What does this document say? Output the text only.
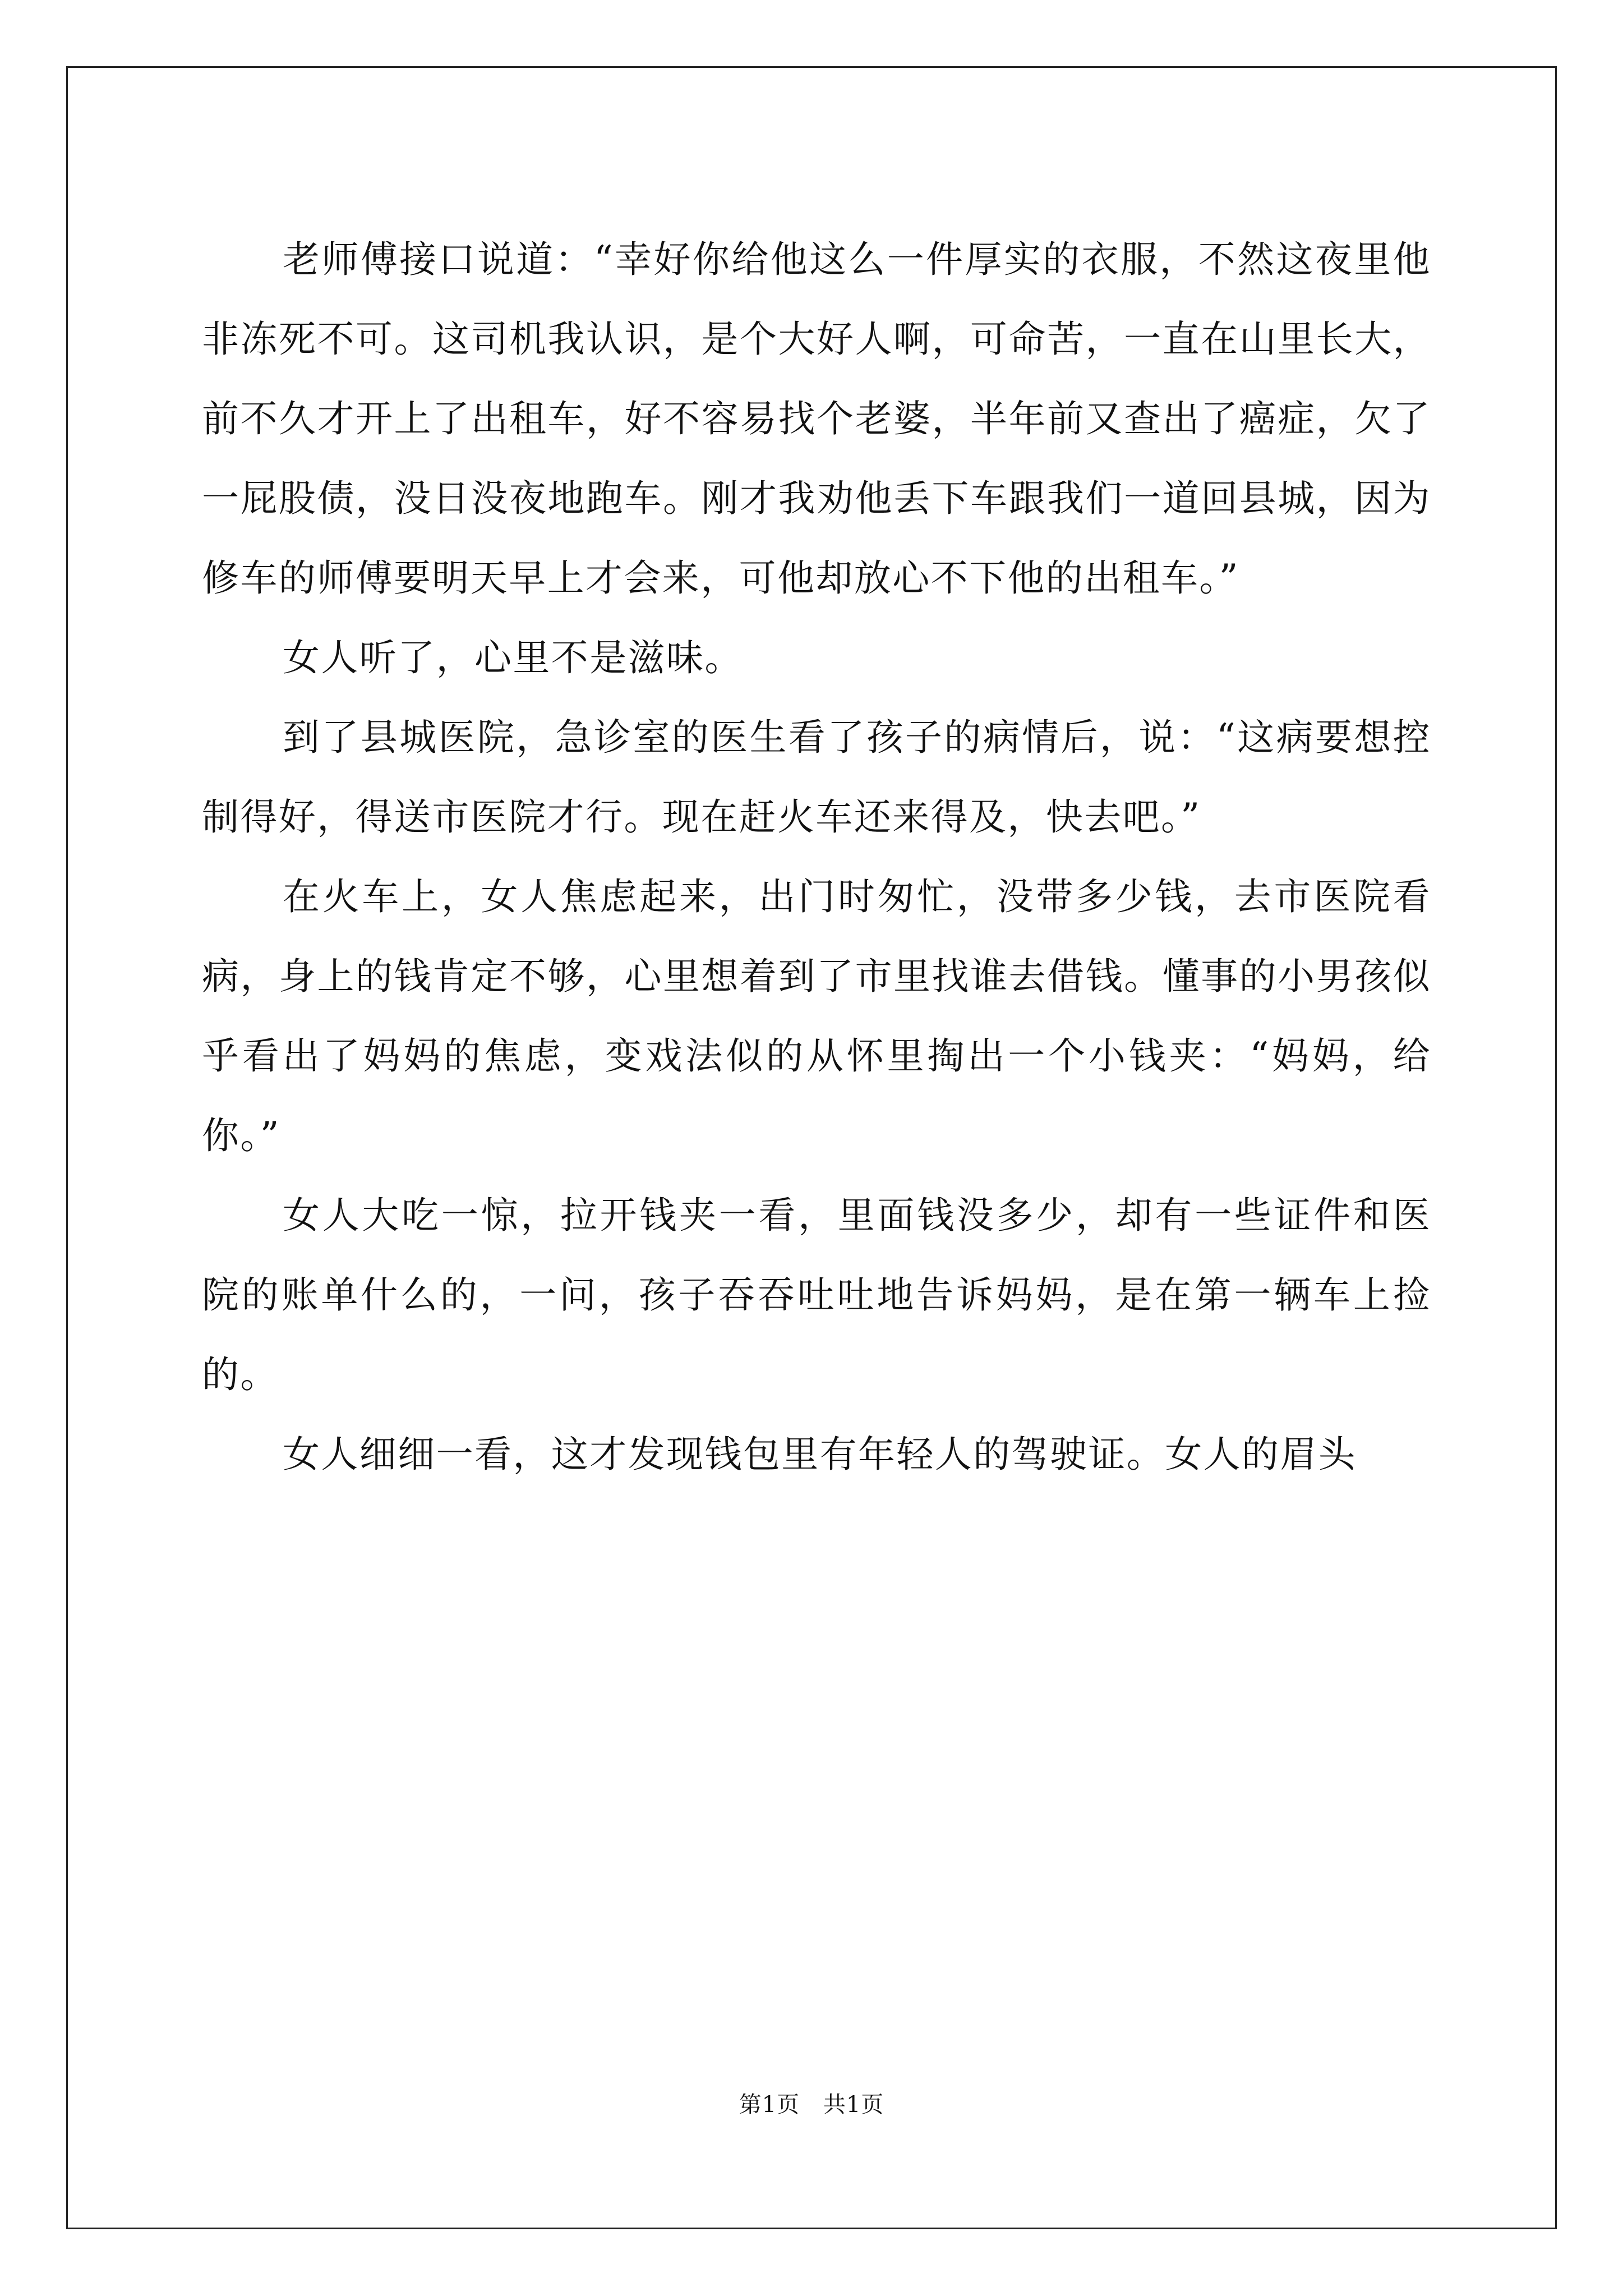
老师傅接口说道：“幸好你给他这么一件厚实的衣服，不然这夜里他非冻死不可。这司机我认识，是个大好人啊，可命苦，一直在山里长大，前不久才开上了出租车，好不容易找个老婆，半年前又查出了癌症，欠了一屁股债，没日没夜地跑车。刚才我劝他丢下车跟我们一道回县城，因为修车的师傅要明天早上才会来，可他却放心不下他的出租车。”

女人听了，心里不是滋味。

到了县城医院，急诊室的医生看了孩子的病情后，说：“这病要想控制得好，得送市医院才行。现在赶火车还来得及，快去吧。”

在火车上，女人焦虑起来，出门时匆忙，没带多少钱，去市医院看病，身上的钱肯定不够，心里想着到了市里找谁去借钱。懂事的小男孩似乎看出了妈妈的焦虑，变戏法似的从怀里掏出一个小钱夹：“妈妈，给你。”

女人大吃一惊，拉开钱夹一看，里面钱没多少，却有一些证件和医院的账单什么的，一问，孩子吞吞吐吐地告诉妈妈，是在第一辆车上捡的。

女人细细一看，这才发现钱包里有年轻人的驾驶证。女人的眉头

第1页 共1页
